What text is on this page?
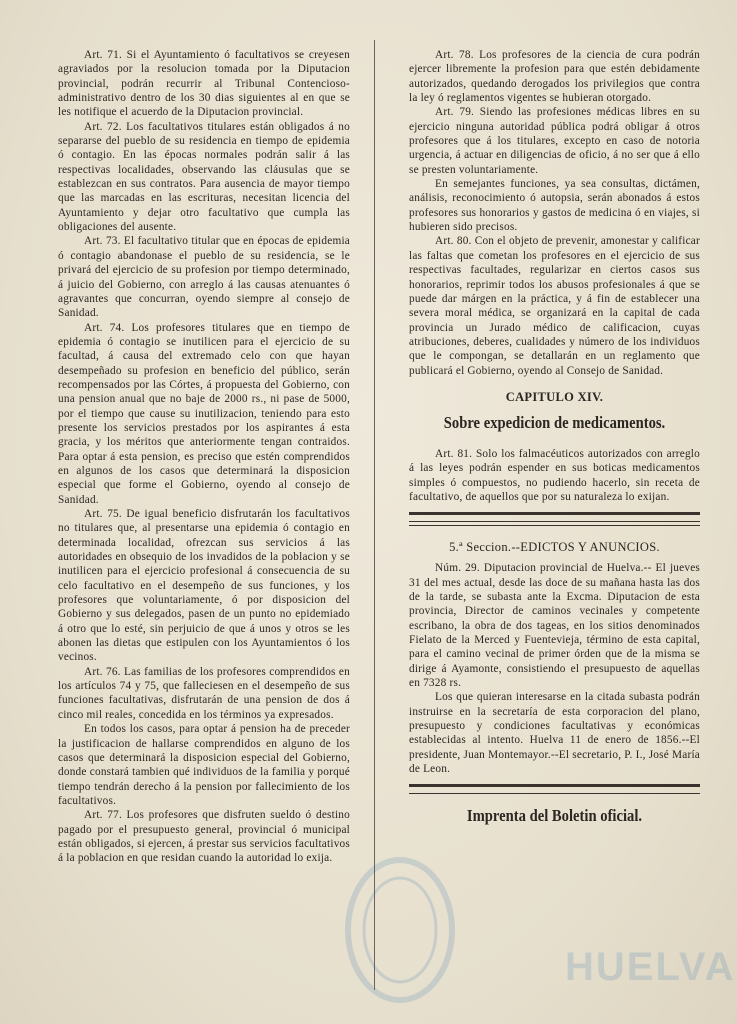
Art. 71. Si el Ayuntamiento ó facultativos se creyesen agraviados por la resolucion tomada por la Diputacion provincial, podrán recurrir al Tribunal Contencioso-administrativo dentro de los 30 dias siguientes al en que se les notifique el acuerdo de la Diputacion provincial.

Art. 72. Los facultativos titulares están obligados á no separarse del pueblo de su residencia en tiempo de epidemia ó contagio. En las épocas normales podrán salir á las respectivas localidades, observando las cláusulas que se establezcan en sus contratos. Para ausencia de mayor tiempo que las marcadas en las escrituras, necesitan licencia del Ayuntamiento y dejar otro facultativo que cumpla las obligaciones del ausente.

Art. 73. El facultativo titular que en épocas de epidemia ó contagio abandonase el pueblo de su residencia, se le privará del ejercicio de su profesion por tiempo determinado, á juicio del Gobierno, con arreglo á las causas atenuantes ó agravantes que concurran, oyendo siempre al consejo de Sanidad.

Art. 74. Los profesores titulares que en tiempo de epidemia ó contagio se inutilicen para el ejercicio de su facultad, á causa del extremado celo con que hayan desempeñado su profesion en beneficio del público, serán recompensados por las Córtes, á propuesta del Gobierno, con una pension anual que no baje de 2000 rs., ni pase de 5000, por el tiempo que cause su inutilizacion, teniendo para esto presente los servicios prestados por los aspirantes á esta gracia, y los méritos que anteriormente tengan contraidos. Para optar á esta pension, es preciso que estén comprendidos en algunos de los casos que determinará la disposicion especial que forme el Gobierno, oyendo al consejo de Sanidad.

Art. 75. De igual beneficio disfrutarán los facultativos no titulares que, al presentarse una epidemia ó contagio en determinada localidad, ofrezcan sus servicios á las autoridades en obsequio de los invadidos de la poblacion y se inutilicen para el ejercicio profesional á consecuencia de su celo facultativo en el desempeño de sus funciones, y los profesores que voluntariamente, ó por disposicion del Gobierno y sus delegados, pasen de un punto no epidemiado á otro que lo esté, sin perjuicio de que á unos y otros se les abonen las dietas que estipulen con los Ayuntamientos ó los vecinos.

Art. 76. Las familias de los profesores comprendidos en los artículos 74 y 75, que falleciesen en el desempeño de sus funciones facultativas, disfrutarán de una pension de dos á cinco mil reales, concedida en los términos ya expresados.

En todos los casos, para optar á pension ha de preceder la justificacion de hallarse comprendidos en alguno de los casos que determinará la disposicion especial del Gobierno, donde constará tambien qué individuos de la familia y porqué tiempo tendrán derecho á la pension por fallecimiento de los facultativos.

Art. 77. Los profesores que disfruten sueldo ó destino pagado por el presupuesto general, provincial ó municipal están obligados, si ejercen, á prestar sus servicios facultativos á la poblacion en que residan cuando la autoridad lo exija.

Art. 78. Los profesores de la ciencia de cura podrán ejercer libremente la profesion para que estén debidamente autorizados, quedando derogados los privilegios que contra la ley ó reglamentos vigentes se hubieran otorgado.

Art. 79. Siendo las profesiones médicas libres en su ejercicio ninguna autoridad pública podrá obligar á otros profesores que á los titulares, excepto en caso de notoria urgencia, á actuar en diligencias de oficio, á no ser que á ello se presten voluntariamente.

En semejantes funciones, ya sea consultas, dictámen, análisis, reconocimiento ó autopsia, serán abonados á estos profesores sus honorarios y gastos de medicina ó en viajes, si hubieren sido precisos.

Art. 80. Con el objeto de prevenir, amonestar y calificar las faltas que cometan los profesores en el ejercicio de sus respectivas facultades, regularizar en ciertos casos sus honorarios, reprimir todos los abusos profesionales á que se puede dar márgen en la práctica, y á fin de establecer una severa moral médica, se organizará en la capital de cada provincia un Jurado médico de calificacion, cuyas atribuciones, deberes, cualidades y número de los individuos que le compongan, se detallarán en un reglamento que publicará el Gobierno, oyendo al Consejo de Sanidad.

CAPITULO XIV.
Sobre expedicion de medicamentos.

Art. 81. Solo los falmacéuticos autorizados con arreglo á las leyes podrán espender en sus boticas medicamentos simples ó compuestos, no pudiendo hacerlo, sin receta de facultativo, de aquellos que por su naturaleza lo exijan.

5.ª Seccion.--EDICTOS Y ANUNCIOS.

Núm. 29. Diputacion provincial de Huelva.-- El jueves 31 del mes actual, desde las doce de su mañana hasta las dos de la tarde, se subasta ante la Excma. Diputacion de esta provincia, Director de caminos vecinales y competente escribano, la obra de dos tageas, en los sitios denominados Fielato de la Merced y Fuentevieja, término de esta capital, para el camino vecinal de primer órden que de la misma se dirige á Ayamonte, consistiendo el presupuesto de aquellas en 7328 rs.

Los que quieran interesarse en la citada subasta podrán instruirse en la secretaría de esta corporacion del plano, presupuesto y condiciones facultativas y económicas establecidas al intento. Huelva 11 de enero de 1856.--El presidente, Juan Montemayor.--El secretario, P. I., José María de Leon.

Imprenta del Boletin oficial.
HUELVA
